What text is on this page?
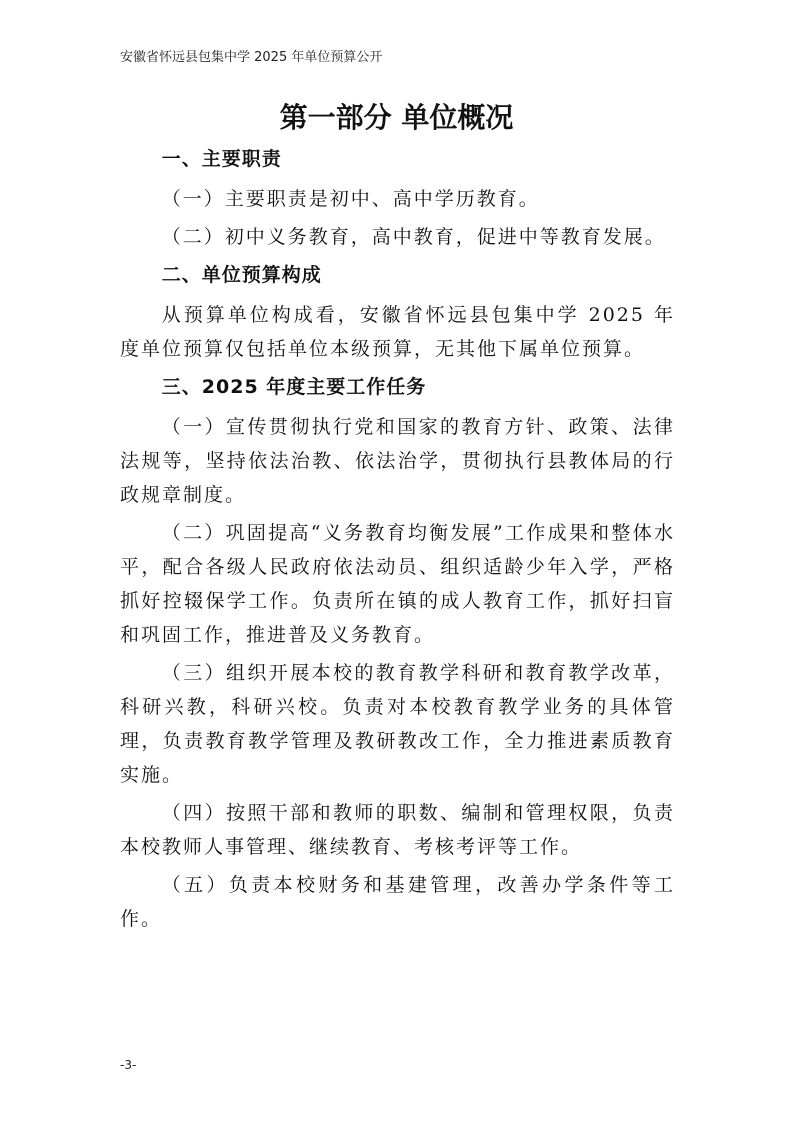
安徽省怀远县包集中学 2025 年单位预算公开
第一部分 单位概况
一、主要职责

（一）主要职责是初中、高中学历教育。

（二）初中义务教育，高中教育，促进中等教育发展。

二、单位预算构成

从预算单位构成看，安徽省怀远县包集中学 2025 年度单位预算仅包括单位本级预算，无其他下属单位预算。

三、2025 年度主要工作任务

（一）宣传贯彻执行党和国家的教育方针、政策、法律法规等，坚持依法治教、依法治学，贯彻执行县教体局的行政规章制度。

（二）巩固提高“义务教育均衡发展”工作成果和整体水平，配合各级人民政府依法动员、组织适龄少年入学，严格抓好控辍保学工作。负责所在镇的成人教育工作，抓好扫盲和巩固工作，推进普及义务教育。

（三）组织开展本校的教育教学科研和教育教学改革，科研兴教，科研兴校。负责对本校教育教学业务的具体管理，负责教育教学管理及教研教改工作，全力推进素质教育实施。

（四）按照干部和教师的职数、编制和管理权限，负责本校教师人事管理、继续教育、考核考评等工作。

（五）负责本校财务和基建管理，改善办学条件等工作。

-3-
